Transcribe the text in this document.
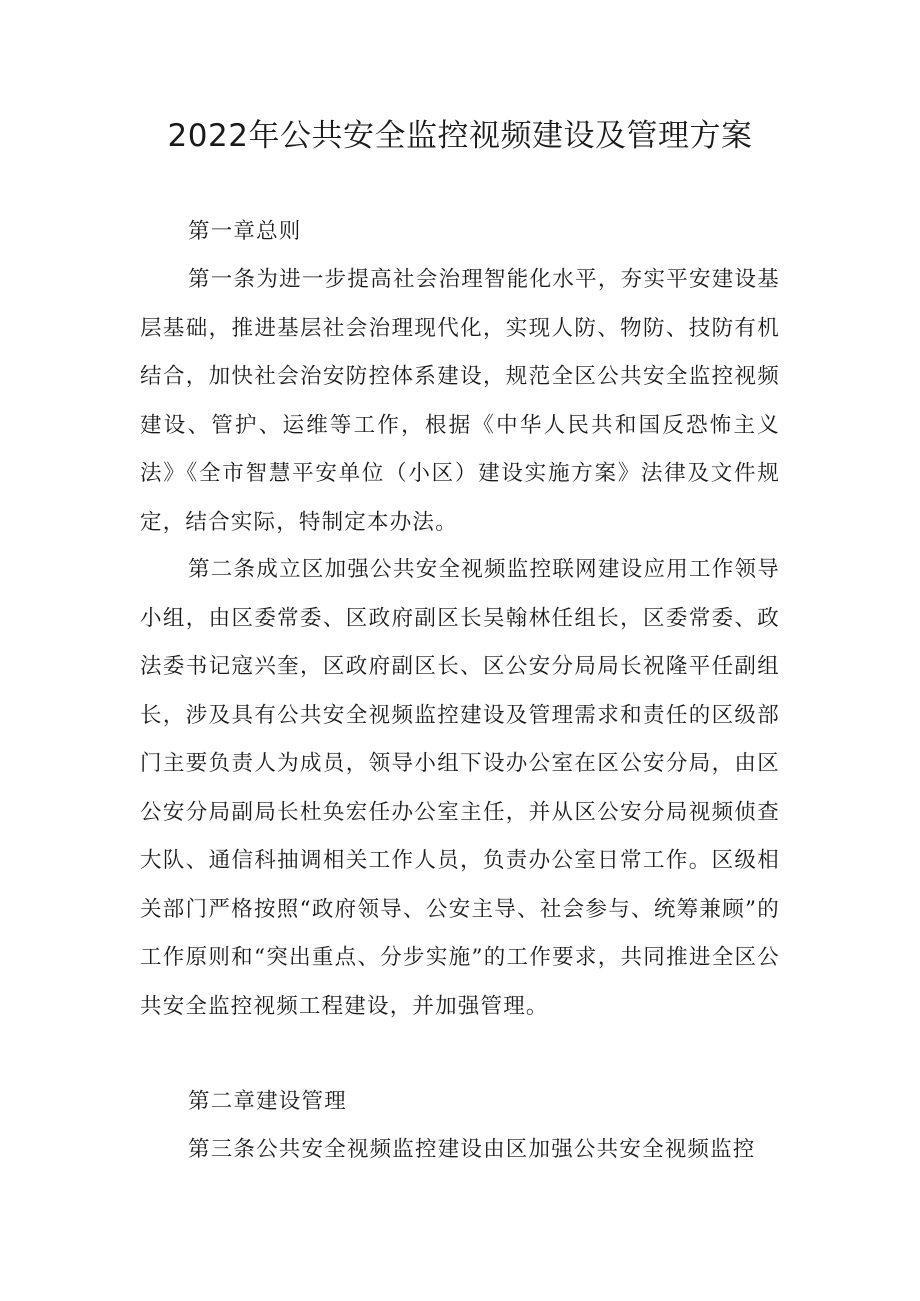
2022年公共安全监控视频建设及管理方案
第一章总则

第一条为进一步提高社会治理智能化水平，夯实平安建设基层基础，推进基层社会治理现代化，实现人防、物防、技防有机结合，加快社会治安防控体系建设，规范全区公共安全监控视频建设、管护、运维等工作，根据《中华人民共和国反恐怖主义法》《全市智慧平安单位（小区）建设实施方案》法律及文件规定，结合实际，特制定本办法。

第二条成立区加强公共安全视频监控联网建设应用工作领导小组，由区委常委、区政府副区长吴翰林任组长，区委常委、政法委书记寇兴奎，区政府副区长、区公安分局局长祝隆平任副组长，涉及具有公共安全视频监控建设及管理需求和责任的区级部门主要负责人为成员，领导小组下设办公室在区公安分局，由区公安分局副局长杜奂宏任办公室主任，并从区公安分局视频侦查大队、通信科抽调相关工作人员，负责办公室日常工作。区级相关部门严格按照“政府领导、公安主导、社会参与、统筹兼顾”的工作原则和“突出重点、分步实施”的工作要求，共同推进全区公共安全监控视频工程建设，并加强管理。

第二章建设管理

第三条公共安全视频监控建设由区加强公共安全视频监控
